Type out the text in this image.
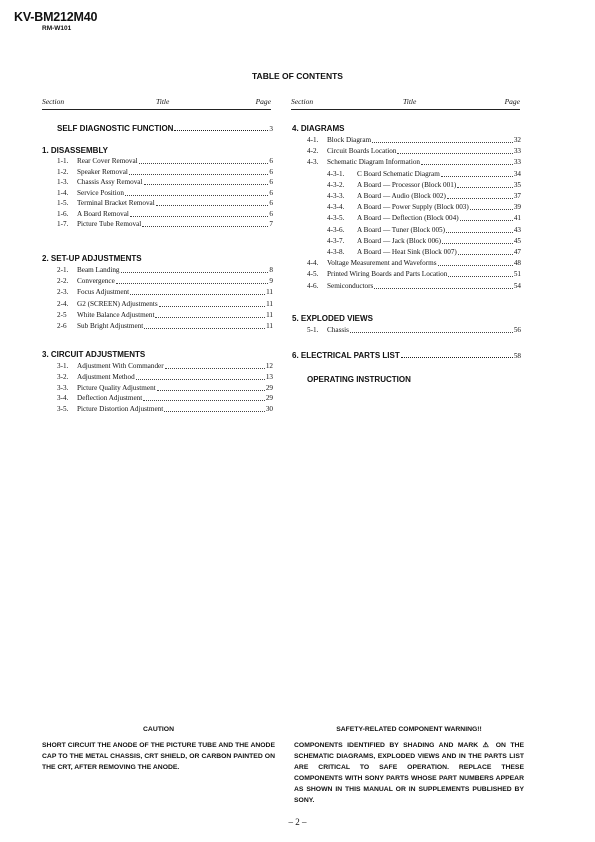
KV-BM212M40
RM-W101
TABLE OF CONTENTS
Section	Title	Page	Section	Title	Page
SELF DIAGNOSTIC FUNCTION	3
1. DISASSEMBLY
1-1.	Rear Cover Removal	6
1-2.	Speaker Removal	6
1-3.	Chassis Assy Removal	6
1-4.	Service Position	6
1-5.	Terminal Bracket Removal	6
1-6.	A Board Removal	6
1-7.	Picture Tube Removal	7
2. SET-UP ADJUSTMENTS
2-1.	Beam Landing	8
2-2.	Convergence	9
2-3.	Focus Adjustment	11
2-4.	G2 (SCREEN) Adjustments	11
2-5	White Balance Adjustment	11
2-6	Sub Bright Adjustment	11
3. CIRCUIT ADJUSTMENTS
3-1.	Adjustment With Commander	12
3-2.	Adjustment Method	13
3-3.	Picture Quality Adjustment	29
3-4.	Deflection Adjustment	29
3-5.	Picture Distortion Adjustment	30
4. DIAGRAMS
4-1.	Block Diagram	32
4-2.	Circuit Boards Location	33
4-3.	Schematic Diagram Information	33
4-3-1.	C Board Schematic Diagram	34
4-3-2.	A Board — Processor (Block 001)	35
4-3-3.	A Board — Audio (Block 002)	37
4-3-4.	A Board — Power Supply (Block 003)	39
4-3-5.	A Board — Deflection (Block 004)	41
4-3-6.	A Board — Tuner (Block 005)	43
4-3-7.	A Board — Jack (Block 006)	45
4-3-8.	A Board — Heat Sink (Block 007)	47
4-4.	Voltage Measurement and Waveforms	48
4-5.	Printed Wiring Boards and Parts Location	51
4-6.	Semiconductors	54
5. EXPLODED VIEWS
5-1.	Chassis	56
6. ELECTRICAL PARTS LIST	58
OPERATING INSTRUCTION
CAUTION
SHORT CIRCUIT THE ANODE OF THE PICTURE TUBE AND THE ANODE CAP TO THE METAL CHASSIS, CRT SHIELD, OR CARBON PAINTED ON THE CRT, AFTER REMOVING THE ANODE.
SAFETY-RELATED COMPONENT WARNING!!
COMPONENTS IDENTIFIED BY SHADING AND MARK ⚠ ON THE SCHEMATIC DIAGRAMS, EXPLODED VIEWS AND IN THE PARTS LIST ARE CRITICAL TO SAFE OPERATION. REPLACE THESE COMPONENTS WITH SONY PARTS WHOSE PART NUMBERS APPEAR AS SHOWN IN THIS MANUAL OR IN SUPPLEMENTS PUBLISHED BY SONY.
– 2 –
